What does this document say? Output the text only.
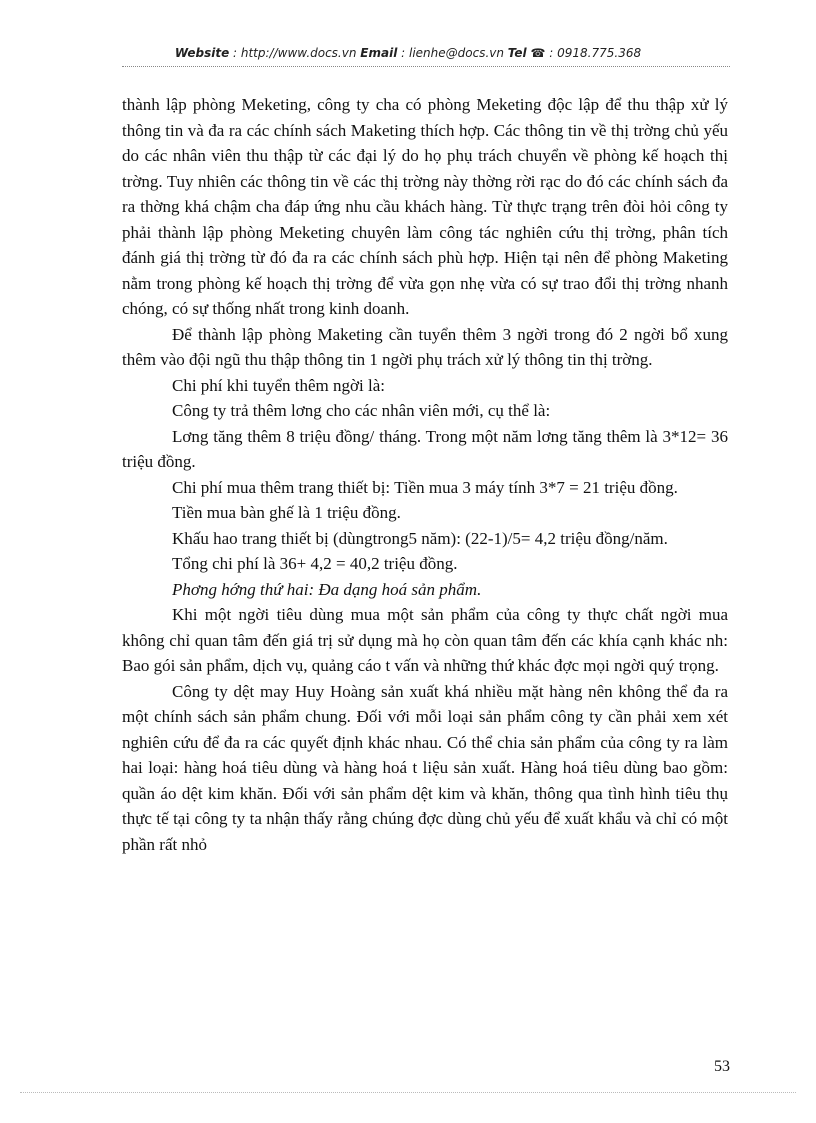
Website : http://www.docs.vn Email : lienhe@docs.vn Tel ☎ : 0918.775.368

thành lập phòng Meketing, công ty cha có phòng Meketing độc lập để thu thập xử lý thông tin và đa ra các chính sách Maketing thích hợp. Các thông tin về thị trờng chủ yếu do các nhân viên thu thập từ các đại lý do họ phụ trách chuyển về phòng kế hoạch thị trờng. Tuy nhiên các thông tin về các thị trờng này thờng rời rạc do đó các chính sách đa ra thờng khá chậm cha đáp ứng nhu cầu khách hàng. Từ thực trạng trên đòi hỏi công ty phải thành lập phòng Meketing chuyên làm công tác nghiên cứu thị trờng, phân tích đánh giá thị trờng từ đó đa ra các chính sách phù hợp. Hiện tại nên để phòng Maketing nằm trong phòng kế hoạch thị trờng để vừa gọn nhẹ vừa có sự trao đổi thị trờng nhanh chóng, có sự thống nhất trong kinh doanh.

Để thành lập phòng Maketing cần tuyển thêm 3 ngời trong đó 2 ngời bổ xung thêm vào đội ngũ thu thập thông tin 1 ngời phụ trách xử lý thông tin thị trờng.

Chi phí khi tuyển thêm ngời là:

Công ty trả thêm lơng cho các nhân viên mới, cụ thể là:

Lơng tăng thêm 8 triệu đồng/ tháng. Trong một năm lơng tăng thêm là 3*12= 36 triệu đồng.

Chi phí mua thêm trang thiết bị: Tiền mua 3 máy tính 3*7 = 21 triệu đồng.

Tiền mua bàn ghế là 1 triệu đồng.

Khấu hao trang thiết bị (dùngtrong5 năm): (22-1)/5= 4,2 triệu đồng/năm.

Tổng chi phí là 36+ 4,2 = 40,2 triệu đồng.

Phơng hớng thứ hai: Đa dạng hoá sản phẩm.

Khi một ngời tiêu dùng mua một sản phẩm của công ty thực chất ngời mua không chỉ quan tâm đến giá trị sử dụng mà họ còn quan tâm đến các khía cạnh khác nh: Bao gói sản phẩm, dịch vụ, quảng cáo t vấn và những thứ khác đợc mọi ngời quý trọng.

Công ty dệt may Huy Hoàng sản xuất khá nhiều mặt hàng nên không thể đa ra một chính sách sản phẩm chung. Đối với mỗi loại sản phẩm công ty cần phải xem xét nghiên cứu để đa ra các quyết định khác nhau. Có thể chia sản phẩm của công ty ra làm hai loại: hàng hoá tiêu dùng và hàng hoá t liệu sản xuất. Hàng hoá tiêu dùng bao gồm: quần áo dệt kim khăn. Đối với sản phẩm dệt kim và khăn, thông qua tình hình tiêu thụ thực tế tại công ty ta nhận thấy rằng chúng đợc dùng chủ yếu để xuất khẩu và chỉ có một phần rất nhỏ

53
